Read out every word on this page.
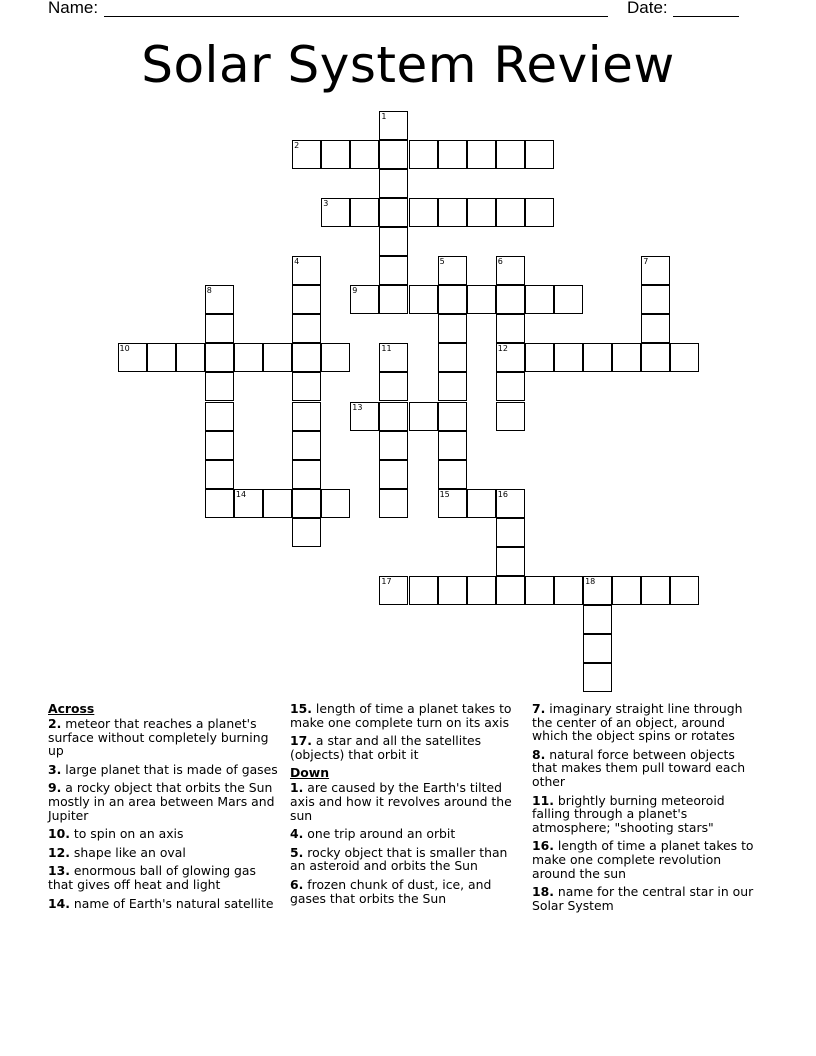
Name:	Date:
Solar System Review
2
3
9
10	12
13
14	15
17	18
1
4	5	6	7
8
11
16
Across
2. meteor that reaches a planet's surface without completely burning up
3. large planet that is made of gases
9. a rocky object that orbits the Sun mostly in an area between Mars and Jupiter
10. to spin on an axis
12. shape like an oval
13. enormous ball of glowing gas that gives off heat and light
14. name of Earth's natural satellite
15. length of time a planet takes to make one complete turn on its axis
17. a star and all the satellites (objects) that orbit it
Down
1. are caused by the Earth's tilted axis and how it revolves around the sun
4. one trip around an orbit
5. rocky object that is smaller than an asteroid and orbits the Sun
6. frozen chunk of dust, ice, and gases that orbits the Sun
7. imaginary straight line through the center of an object, around which the object spins or rotates
8. natural force between objects that makes them pull toward each other
11. brightly burning meteoroid falling through a planet's atmosphere; "shooting stars"
16. length of time a planet takes to make one complete revolution around the sun
18. name for the central star in our Solar System
